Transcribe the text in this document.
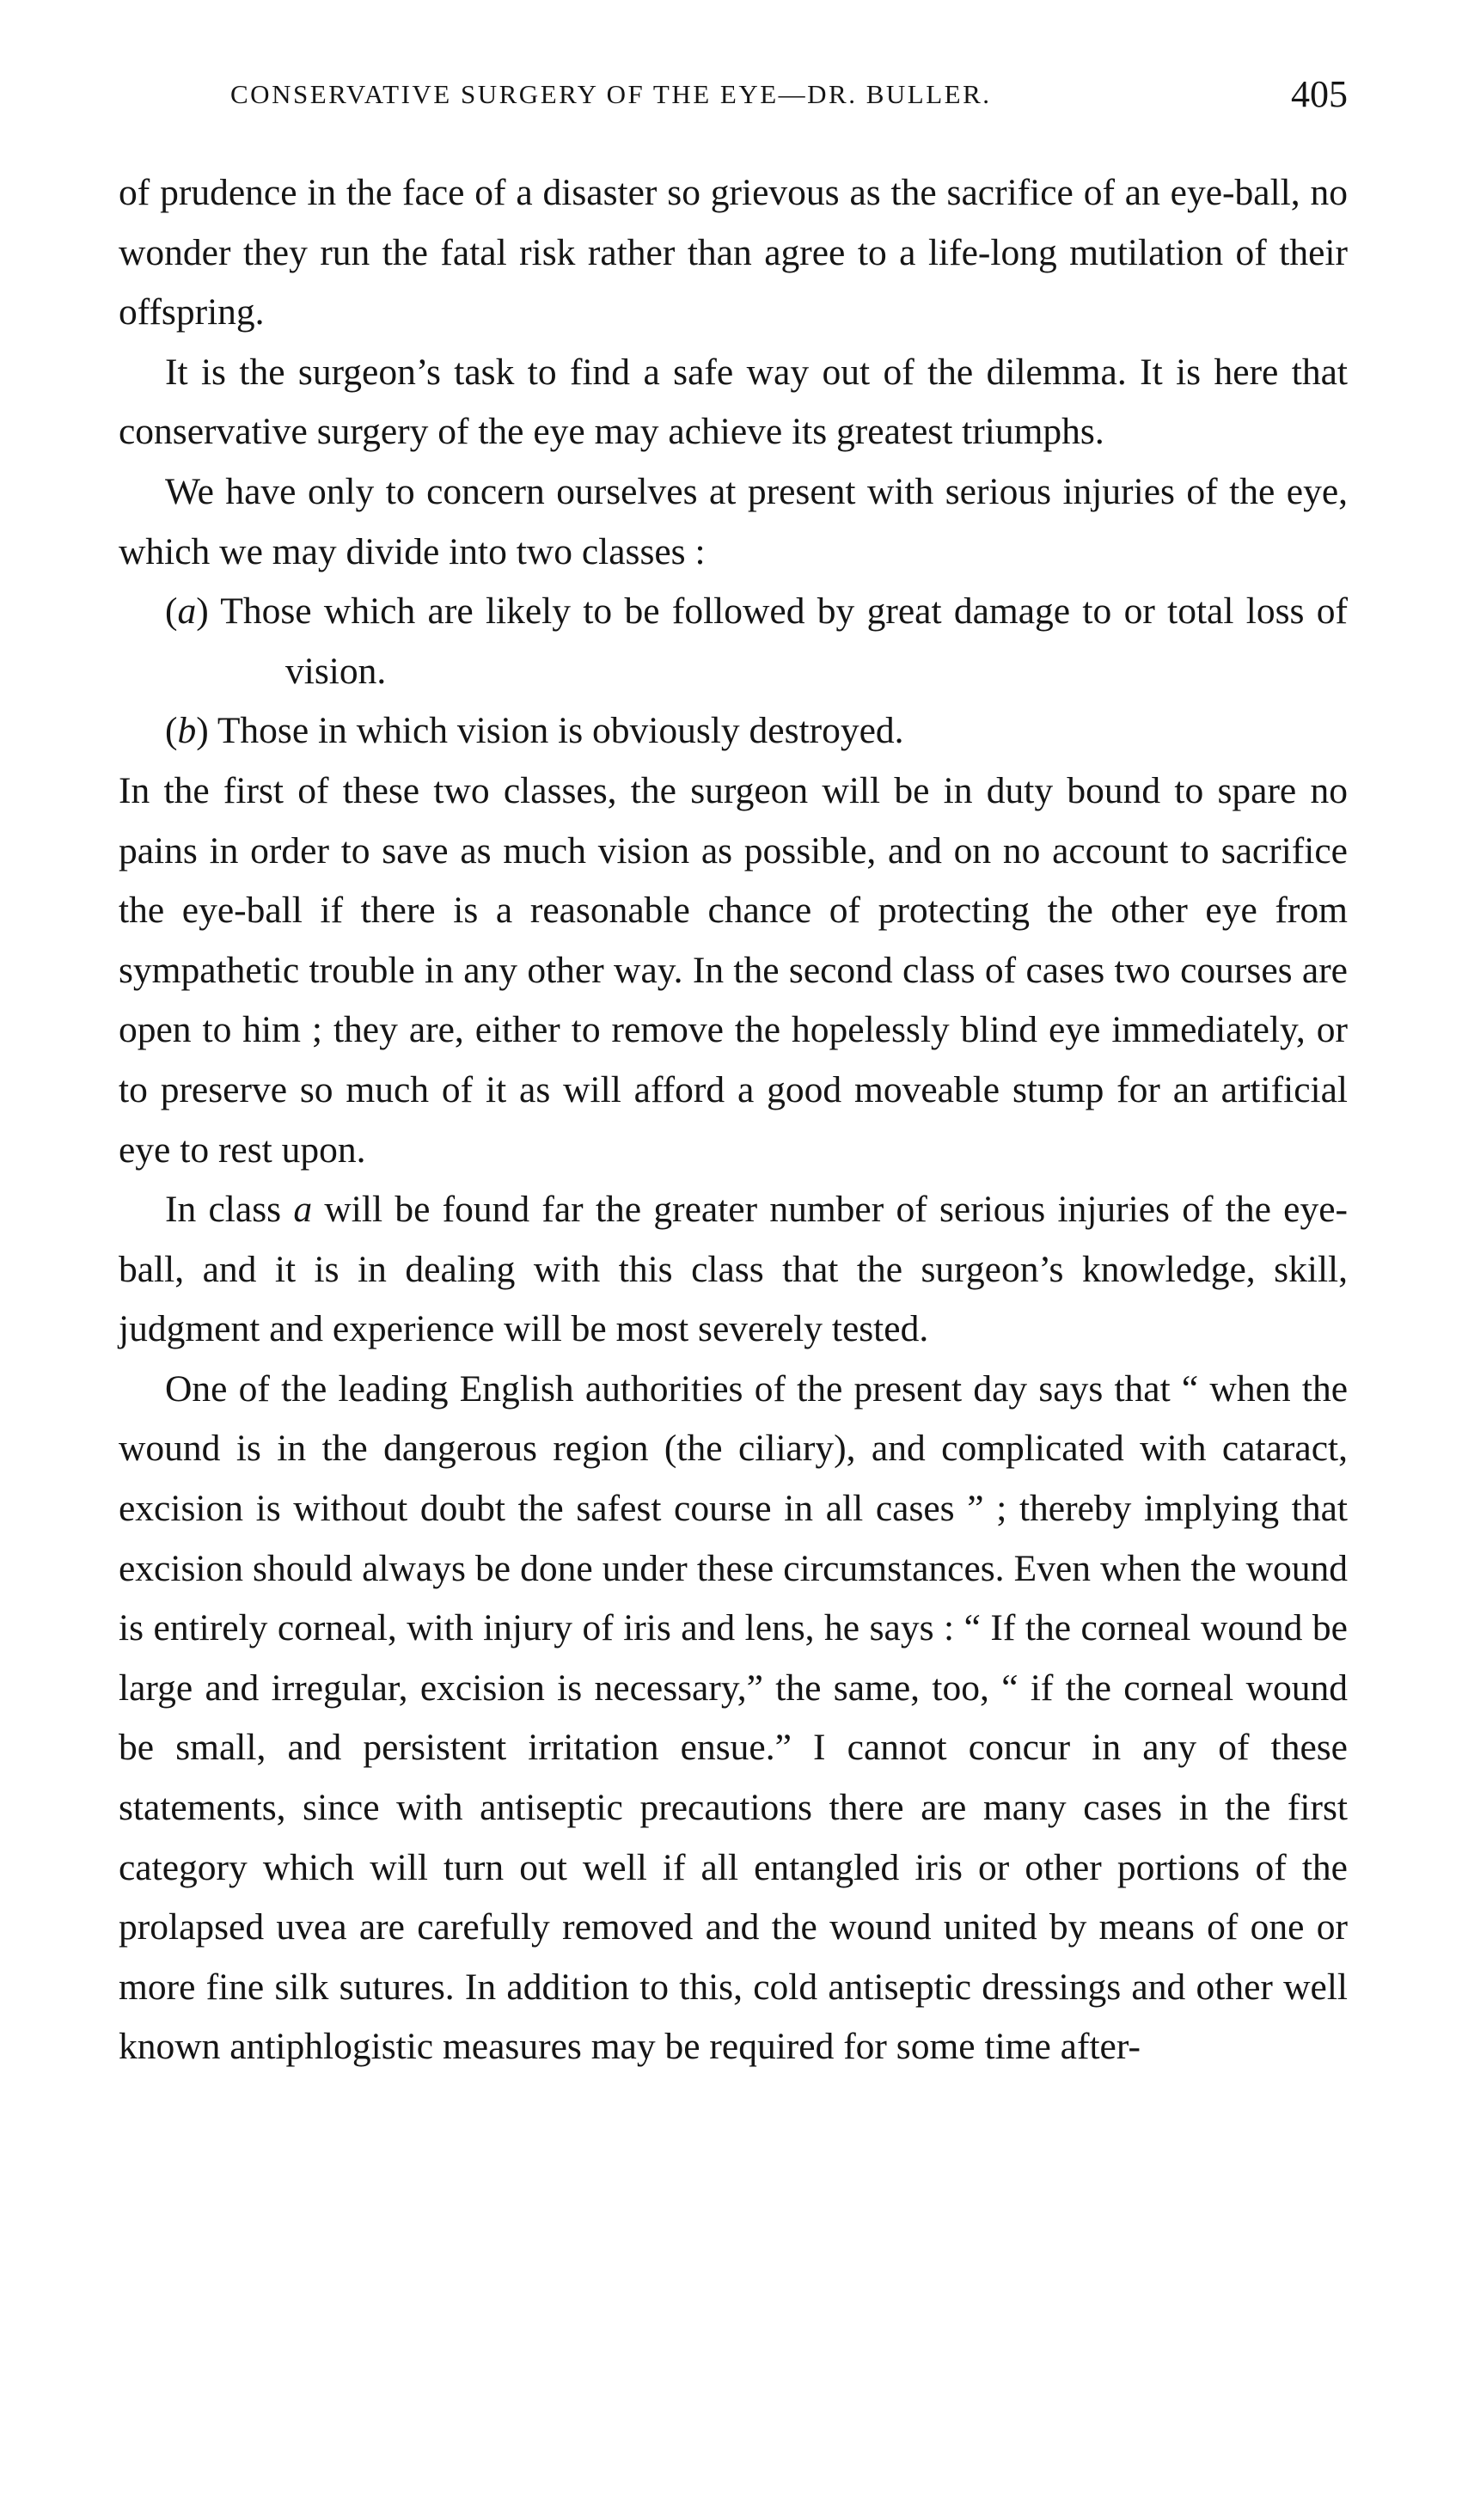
CONSERVATIVE SURGERY OF THE EYE—DR. BULLER.	405

of prudence in the face of a disaster so grievous as the sacrifice of an eye-ball, no wonder they run the fatal risk rather than agree to a life-long mutilation of their offspring.

It is the surgeon’s task to find a safe way out of the dilemma. It is here that conservative surgery of the eye may achieve its greatest triumphs.

We have only to concern ourselves at present with serious injuries of the eye, which we may divide into two classes :

(a) Those which are likely to be followed by great damage to or total loss of vision.

(b) Those in which vision is obviously destroyed.

In the first of these two classes, the surgeon will be in duty bound to spare no pains in order to save as much vision as possible, and on no account to sacrifice the eye-ball if there is a reasonable chance of protecting the other eye from sympathetic trouble in any other way. In the second class of cases two courses are open to him ; they are, either to remove the hopelessly blind eye immediately, or to preserve so much of it as will afford a good moveable stump for an artificial eye to rest upon.

In class a will be found far the greater number of serious injuries of the eye-ball, and it is in dealing with this class that the surgeon’s knowledge, skill, judgment and experience will be most severely tested.

One of the leading English authorities of the present day says that “ when the wound is in the dangerous region (the ciliary), and complicated with cataract, excision is without doubt the safest course in all cases ” ; thereby implying that excision should always be done under these circumstances. Even when the wound is entirely corneal, with injury of iris and lens, he says : “ If the corneal wound be large and irregular, excision is necessary,” the same, too, “ if the corneal wound be small, and persistent irritation ensue.” I cannot concur in any of these statements, since with antiseptic precautions there are many cases in the first category which will turn out well if all entangled iris or other portions of the prolapsed uvea are carefully removed and the wound united by means of one or more fine silk sutures. In addition to this, cold antiseptic dressings and other well known antiphlogistic measures may be required for some time after-
